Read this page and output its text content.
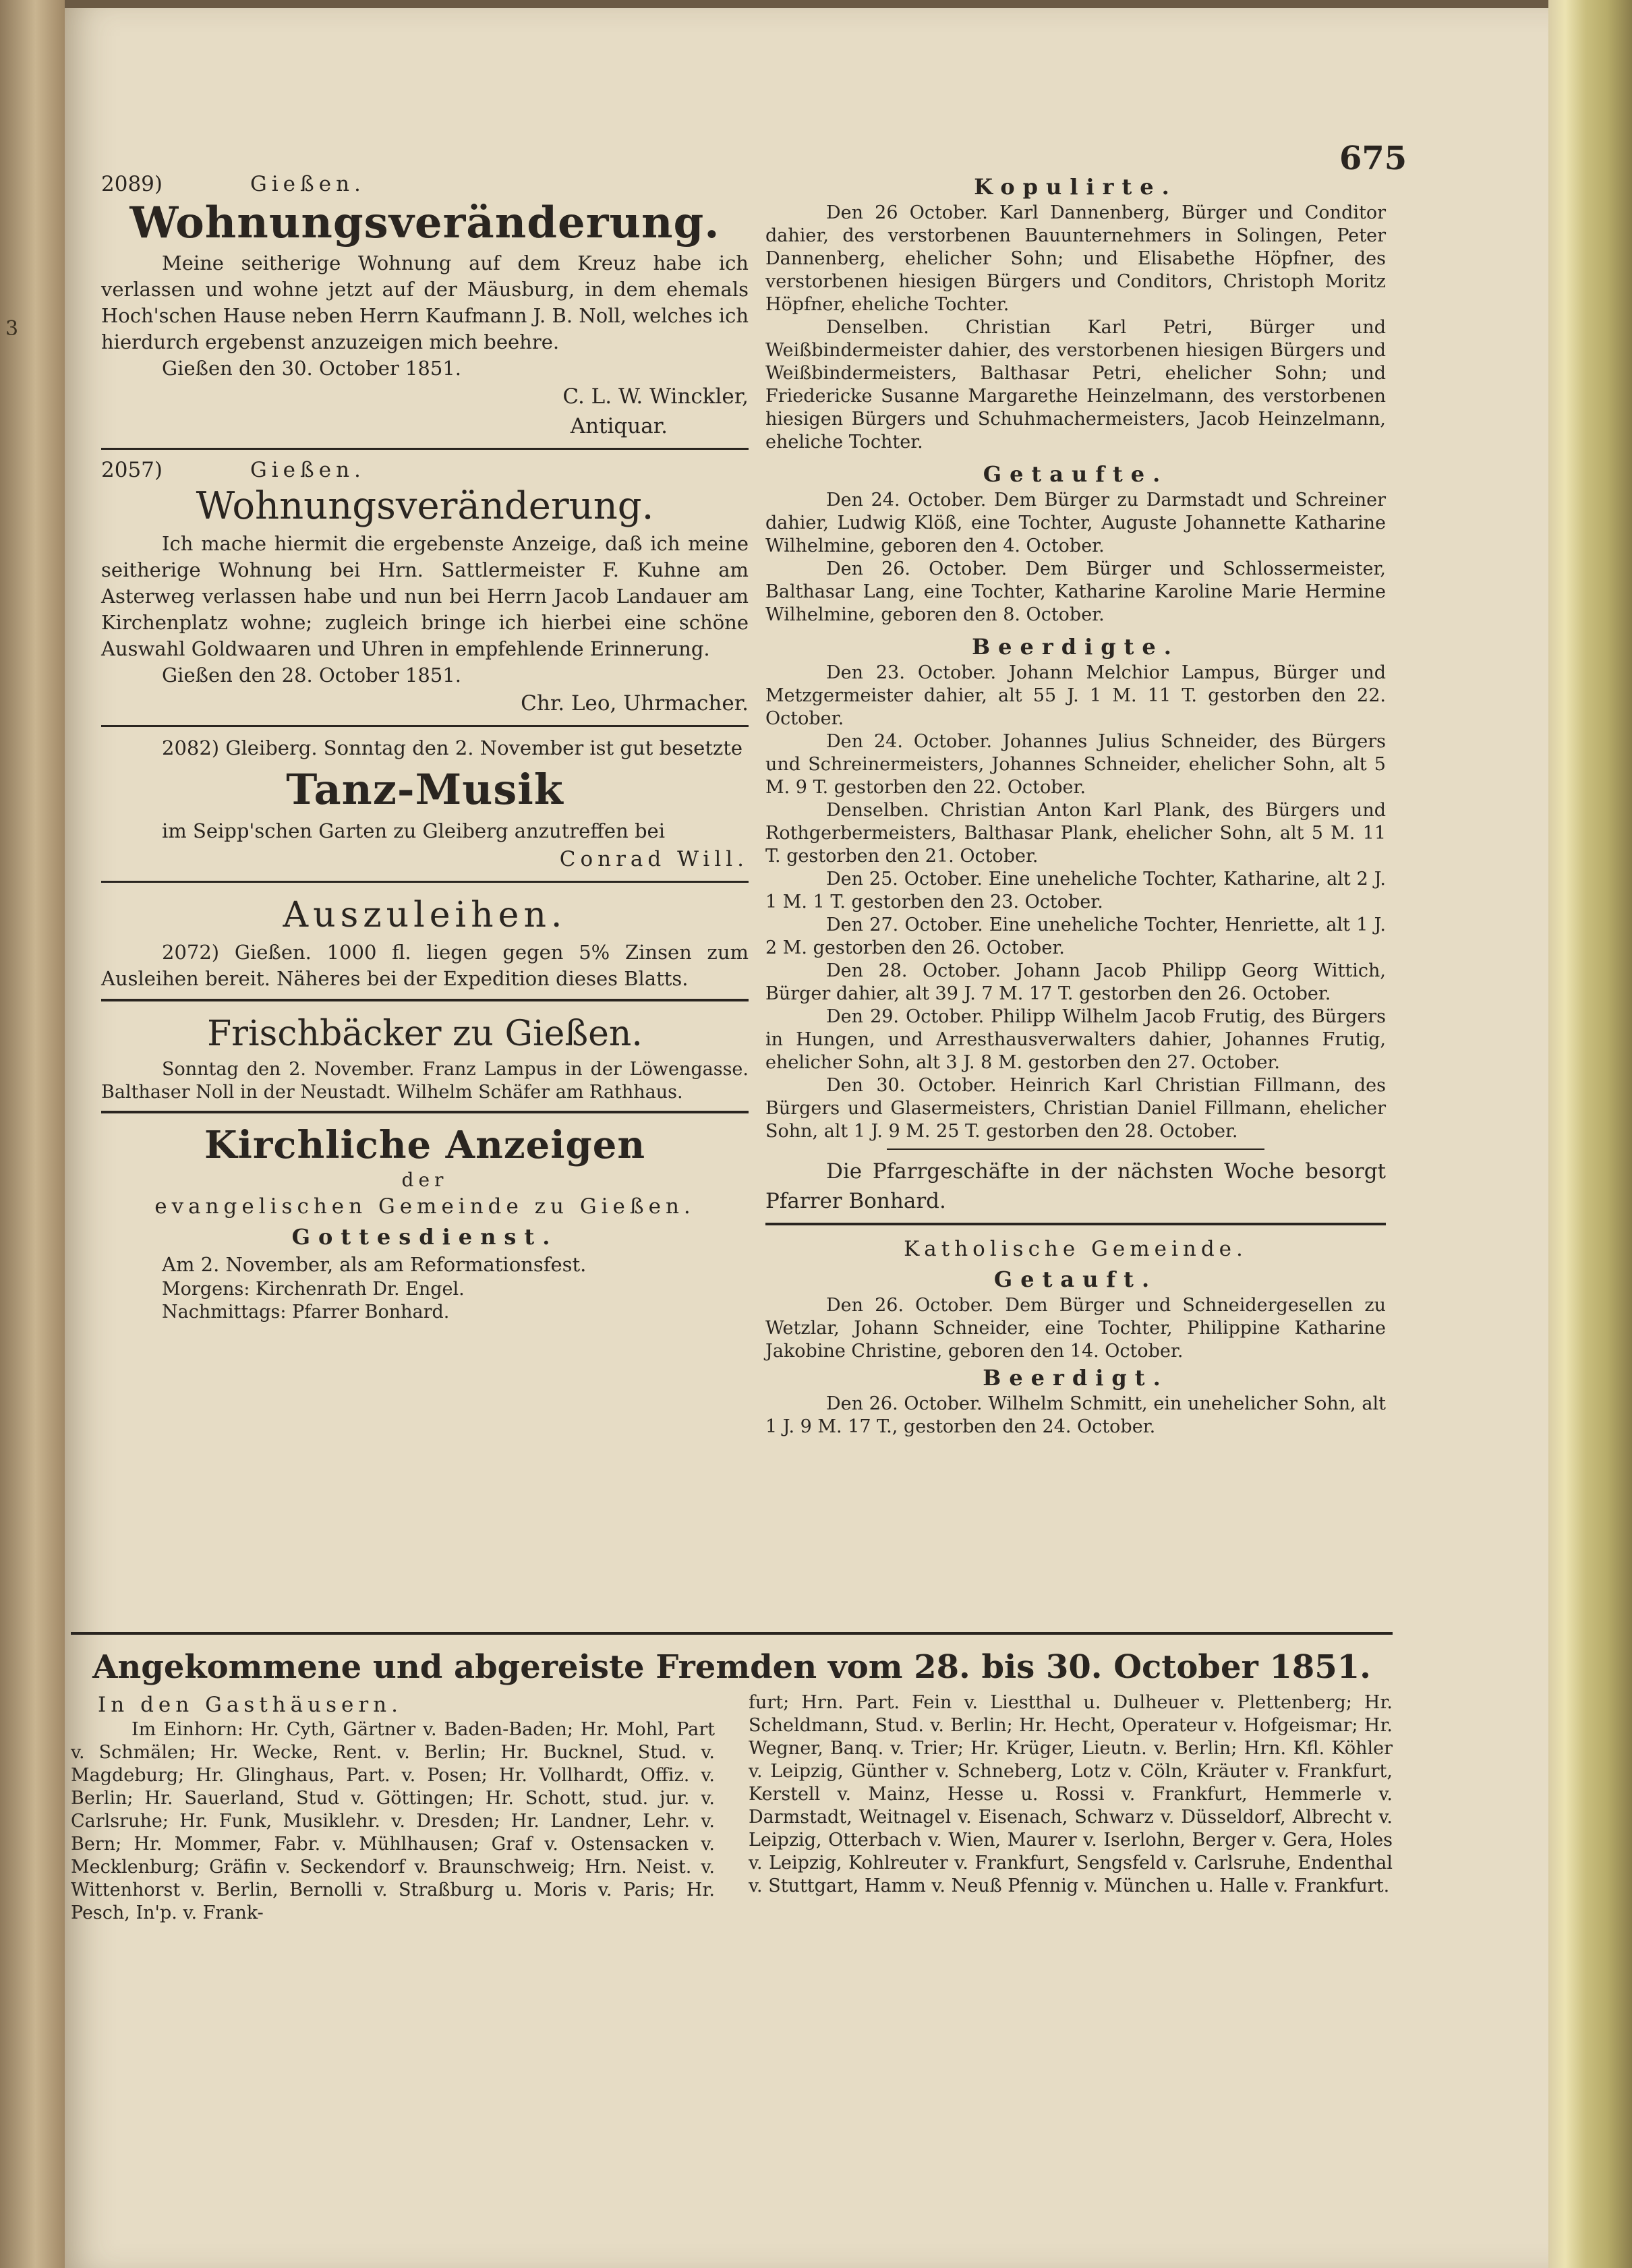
3
675
2089)	Gießen.
Wohnungsveränderung.

Meine seitherige Wohnung auf dem Kreuz habe ich verlassen und wohne jetzt auf der Mäusburg, in dem ehemals Hoch'schen Hause neben Herrn Kaufmann J. B. Noll, welches ich hierdurch ergebenst anzuzeigen mich beehre.

Gießen den 30. October 1851.

C. L. W. Winckler,
Antiquar.
2057)	Gießen.
Wohnungsveränderung.

Ich mache hiermit die ergebenste Anzeige, daß ich meine seitherige Wohnung bei Hrn. Sattlermeister F. Kuhne am Asterweg verlassen habe und nun bei Herrn Jacob Landauer am Kirchenplatz wohne; zugleich bringe ich hierbei eine schöne Auswahl Goldwaaren und Uhren in empfehlende Erinnerung.

Gießen den 28. October 1851.

Chr. Leo, Uhrmacher.

2082) Gleiberg. Sonntag den 2. November ist gut besetzte

Tanz-Musik

im Seipp'schen Garten zu Gleiberg anzutreffen bei

Conrad Will.
Auszuleihen.

2072) Gießen. 1000 fl. liegen gegen 5% Zinsen zum Ausleihen bereit. Näheres bei der Expedition dieses Blatts.

Frischbäcker zu Gießen.

Sonntag den 2. November. Franz Lampus in der Löwengasse. Balthaser Noll in der Neustadt. Wilhelm Schäfer am Rathhaus.

Kirchliche Anzeigen
der
evangelischen Gemeinde zu Gießen.
Gottesdienst.

Am 2. November, als am Reformationsfest.

Morgens: Kirchenrath Dr. Engel.

Nachmittags: Pfarrer Bonhard.

Kopulirte.

Den 26 October. Karl Dannenberg, Bürger und Conditor dahier, des verstorbenen Bauunternehmers in Solingen, Peter Dannenberg, ehelicher Sohn; und Elisabethe Höpfner, des verstorbenen hiesigen Bürgers und Conditors, Christoph Moritz Höpfner, eheliche Tochter.

Denselben. Christian Karl Petri, Bürger und Weißbindermeister dahier, des verstorbenen hiesigen Bürgers und Weißbindermeisters, Balthasar Petri, ehelicher Sohn; und Friedericke Susanne Margarethe Heinzelmann, des verstorbenen hiesigen Bürgers und Schuhmachermeisters, Jacob Heinzelmann, eheliche Tochter.

Getaufte.

Den 24. October. Dem Bürger zu Darmstadt und Schreiner dahier, Ludwig Klöß, eine Tochter, Auguste Johannette Katharine Wilhelmine, geboren den 4. October.

Den 26. October. Dem Bürger und Schlossermeister, Balthasar Lang, eine Tochter, Katharine Karoline Marie Hermine Wilhelmine, geboren den 8. October.

Beerdigte.

Den 23. October. Johann Melchior Lampus, Bürger und Metzgermeister dahier, alt 55 J. 1 M. 11 T. gestorben den 22. October.

Den 24. October. Johannes Julius Schneider, des Bürgers und Schreinermeisters, Johannes Schneider, ehelicher Sohn, alt 5 M. 9 T. gestorben den 22. October.

Denselben. Christian Anton Karl Plank, des Bürgers und Rothgerbermeisters, Balthasar Plank, ehelicher Sohn, alt 5 M. 11 T. gestorben den 21. October.

Den 25. October. Eine uneheliche Tochter, Katharine, alt 2 J. 1 M. 1 T. gestorben den 23. October.

Den 27. October. Eine uneheliche Tochter, Henriette, alt 1 J. 2 M. gestorben den 26. October.

Den 28. October. Johann Jacob Philipp Georg Wittich, Bürger dahier, alt 39 J. 7 M. 17 T. gestorben den 26. October.

Den 29. October. Philipp Wilhelm Jacob Frutig, des Bürgers in Hungen, und Arresthausverwalters dahier, Johannes Frutig, ehelicher Sohn, alt 3 J. 8 M. gestorben den 27. October.

Den 30. October. Heinrich Karl Christian Fillmann, des Bürgers und Glasermeisters, Christian Daniel Fillmann, ehelicher Sohn, alt 1 J. 9 M. 25 T. gestorben den 28. October.

Die Pfarrgeschäfte in der nächsten Woche besorgt Pfarrer Bonhard.

Katholische Gemeinde.
Getauft.

Den 26. October. Dem Bürger und Schneidergesellen zu Wetzlar, Johann Schneider, eine Tochter, Philippine Katharine Jakobine Christine, geboren den 14. October.

Beerdigt.

Den 26. October. Wilhelm Schmitt, ein unehelicher Sohn, alt 1 J. 9 M. 17 T., gestorben den 24. October.

Angekommene und abgereiste Fremden vom 28. bis 30. October 1851.
In den Gasthäusern.

Im Einhorn: Hr. Cyth, Gärtner v. Baden-Baden; Hr. Mohl, Part v. Schmälen; Hr. Wecke, Rent. v. Berlin; Hr. Bucknel, Stud. v. Magdeburg; Hr. Glinghaus, Part. v. Posen; Hr. Vollhardt, Offiz. v. Berlin; Hr. Sauerland, Stud v. Göttingen; Hr. Schott, stud. jur. v. Carlsruhe; Hr. Funk, Musiklehr. v. Dresden; Hr. Landner, Lehr. v. Bern; Hr. Mommer, Fabr. v. Mühlhausen; Graf v. Ostensacken v. Mecklenburg; Gräfin v. Seckendorf v. Braunschweig; Hrn. Neist. v. Wittenhorst v. Berlin, Bernolli v. Straßburg u. Moris v. Paris; Hr. Pesch, In'p. v. Frank-

furt; Hrn. Part. Fein v. Liestthal u. Dulheuer v. Plettenberg; Hr. Scheldmann, Stud. v. Berlin; Hr. Hecht, Operateur v. Hofgeismar; Hr. Wegner, Banq. v. Trier; Hr. Krüger, Lieutn. v. Berlin; Hrn. Kfl. Köhler v. Leipzig, Günther v. Schneberg, Lotz v. Cöln, Kräuter v. Frankfurt, Kerstell v. Mainz, Hesse u. Rossi v. Frankfurt, Hemmerle v. Darmstadt, Weitnagel v. Eisenach, Schwarz v. Düsseldorf, Albrecht v. Leipzig, Otterbach v. Wien, Maurer v. Iserlohn, Berger v. Gera, Holes v. Leipzig, Kohlreuter v. Frankfurt, Sengsfeld v. Carlsruhe, Endenthal v. Stuttgart, Hamm v. Neuß Pfennig v. München u. Halle v. Frankfurt.
